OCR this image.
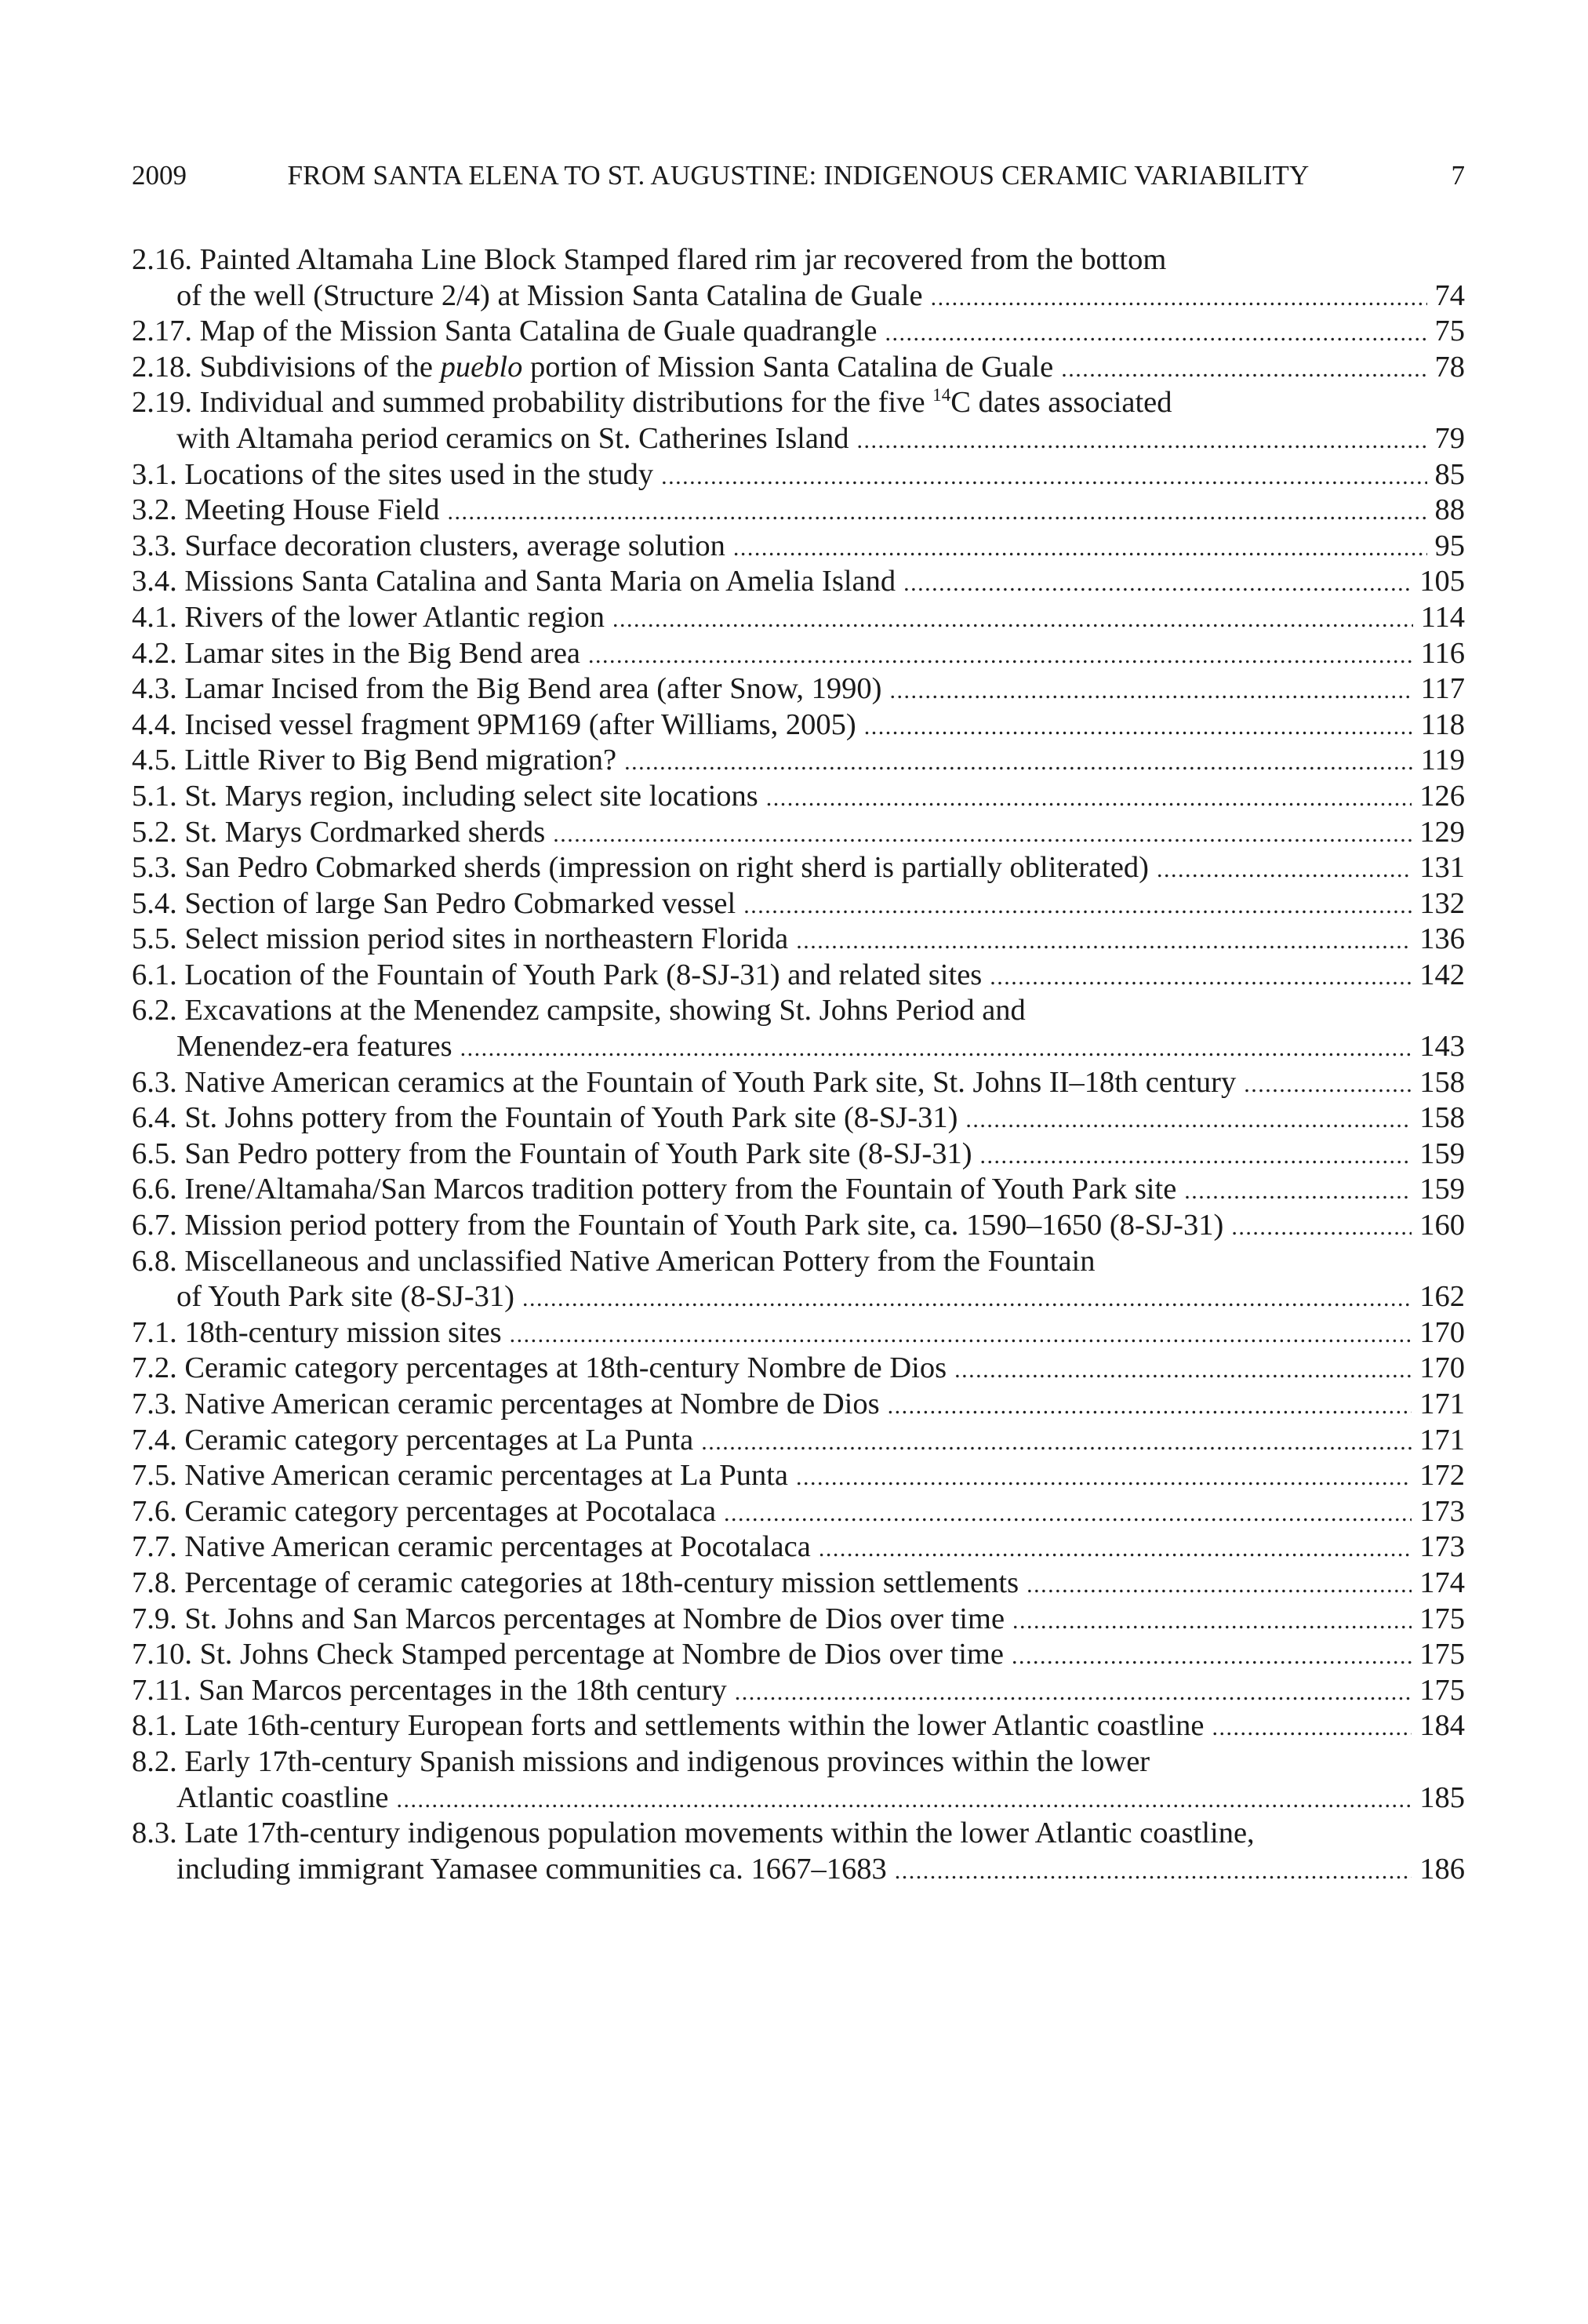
2009	FROM SANTA ELENA TO ST. AUGUSTINE: INDIGENOUS CERAMIC VARIABILITY	7
2.16. Painted Altamaha Line Block Stamped flared rim jar recovered from the bottom
of the well (Structure 2/4) at Mission Santa Catalina de Guale . . .	74
2.17. Map of the Mission Santa Catalina de Guale quadrangle . . .	75
2.18. Subdivisions of the pueblo portion of Mission Santa Catalina de Guale . . .	78
2.19. Individual and summed probability distributions for the five $^{14}$C dates associated
with Altamaha period ceramics on St. Catherines Island . . .	79
3.1. Locations of the sites used in the study . . .	85
3.2. Meeting House Field . . .	88
3.3. Surface decoration clusters, average solution . . .	95
3.4. Missions Santa Catalina and Santa Maria on Amelia Island . . .	105
4.1. Rivers of the lower Atlantic region . . .	114
4.2. Lamar sites in the Big Bend area . . .	116
4.3. Lamar Incised from the Big Bend area (after Snow, 1990) . . .	117
4.4. Incised vessel fragment 9PM169 (after Williams, 2005) . . .	118
4.5. Little River to Big Bend migration? . . .	119
5.1. St. Marys region, including select site locations . . .	126
5.2. St. Marys Cordmarked sherds . . .	129
5.3. San Pedro Cobmarked sherds (impression on right sherd is partially obliterated) . . .	131
5.4. Section of large San Pedro Cobmarked vessel . . .	132
5.5. Select mission period sites in northeastern Florida . . .	136
6.1. Location of the Fountain of Youth Park (8-SJ-31) and related sites . . .	142
6.2. Excavations at the Menendez campsite, showing St. Johns Period and
Menendez-era features . . .	143
6.3. Native American ceramics at the Fountain of Youth Park site, St. Johns II–18th century . . .	158
6.4. St. Johns pottery from the Fountain of Youth Park site (8-SJ-31) . . .	158
6.5. San Pedro pottery from the Fountain of Youth Park site (8-SJ-31) . . .	159
6.6. Irene/Altamaha/San Marcos tradition pottery from the Fountain of Youth Park site . . .	159
6.7. Mission period pottery from the Fountain of Youth Park site, ca. 1590–1650 (8-SJ-31) . . .	160
6.8. Miscellaneous and unclassified Native American Pottery from the Fountain
of Youth Park site (8-SJ-31) . . .	162
7.1. 18th-century mission sites . . .	170
7.2. Ceramic category percentages at 18th-century Nombre de Dios . . .	170
7.3. Native American ceramic percentages at Nombre de Dios . . .	171
7.4. Ceramic category percentages at La Punta . . .	171
7.5. Native American ceramic percentages at La Punta . . .	172
7.6. Ceramic category percentages at Pocotalaca . . .	173
7.7. Native American ceramic percentages at Pocotalaca . . .	173
7.8. Percentage of ceramic categories at 18th-century mission settlements . . .	174
7.9. St. Johns and San Marcos percentages at Nombre de Dios over time . . .	175
7.10. St. Johns Check Stamped percentage at Nombre de Dios over time . . .	175
7.11. San Marcos percentages in the 18th century . . .	175
8.1. Late 16th-century European forts and settlements within the lower Atlantic coastline . . .	184
8.2. Early 17th-century Spanish missions and indigenous provinces within the lower
Atlantic coastline . . .	185
8.3. Late 17th-century indigenous population movements within the lower Atlantic coastline,
including immigrant Yamasee communities ca. 1667–1683 . . .	186
